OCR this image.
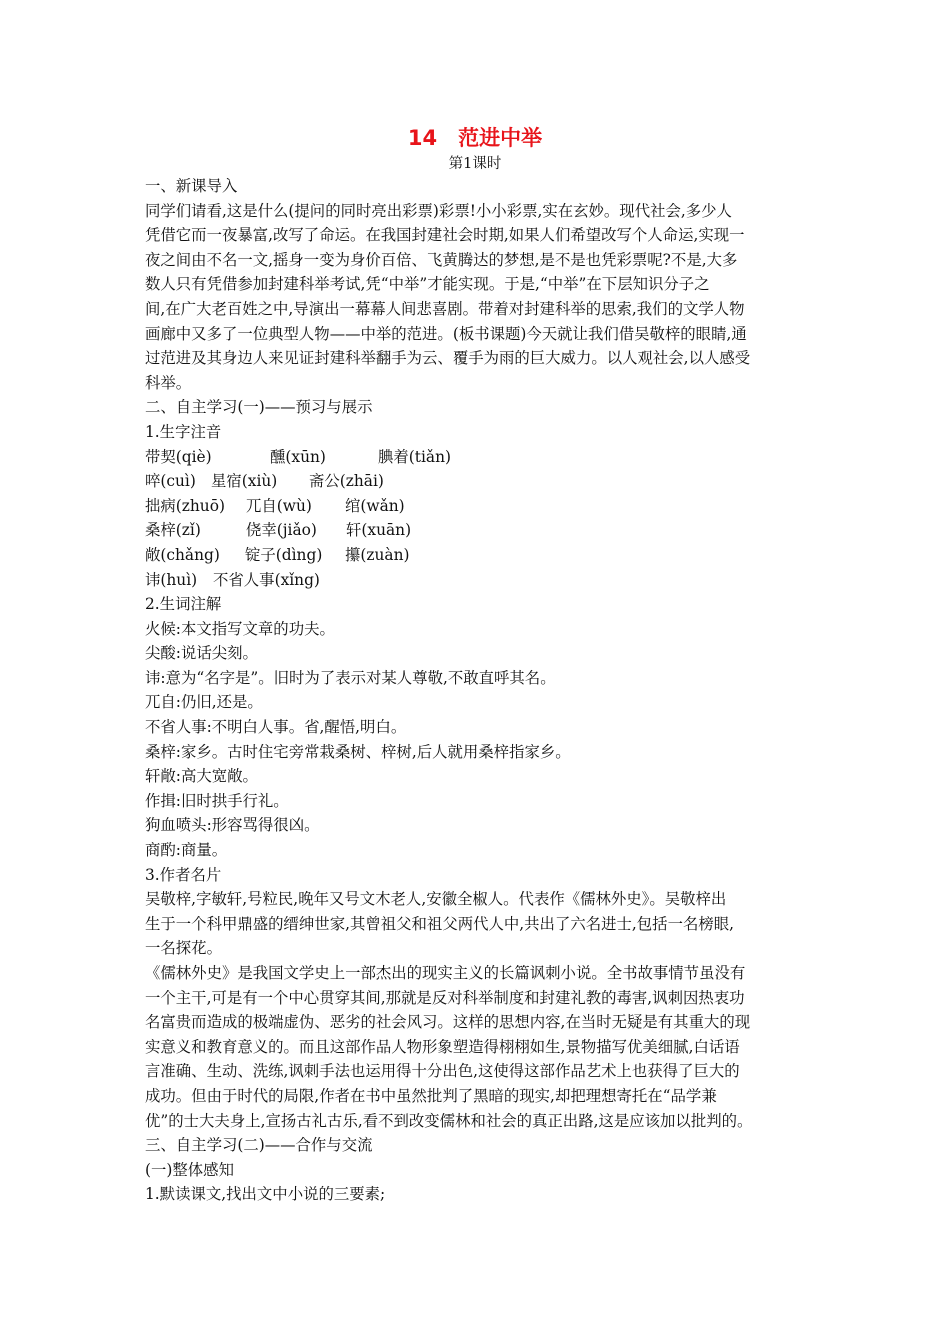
14　范进中举
第1课时
一、新课导入
同学们请看,这是什么(提问的同时亮出彩票)彩票!小小彩票,实在玄妙。现代社会,多少人
凭借它而一夜暴富,改写了命运。在我国封建社会时期,如果人们希望改写个人命运,实现一
夜之间由不名一文,摇身一变为身价百倍、飞黄腾达的梦想,是不是也凭彩票呢?不是,大多
数人只有凭借参加封建科举考试,凭“中举”才能实现。于是,“中举”在下层知识分子之
间,在广大老百姓之中,导演出一幕幕人间悲喜剧。带着对封建科举的思索,我们的文学人物
画廊中又多了一位典型人物——中举的范进。(板书课题)今天就让我们借吴敬梓的眼睛,通
过范进及其身边人来见证封建科举翻手为云、覆手为雨的巨大威力。以人观社会,以人感受
科举。
二、自主学习(一)——预习与展示
1.生字注音
带契(qiè)	醺(xūn)	腆着(tiǎn)
啐(cuì) 星宿(xiù)	斋公(zhāi)
拙病(zhuō)	兀自(wù)	绾(wǎn)
桑梓(zǐ)	侥幸(jiǎo)	轩(xuān)
敞(chǎng)	锭子(dìng)	攥(zuàn)
讳(huì)	不省人事(xǐng)
2.生词注解
火候:本文指写文章的功夫。
尖酸:说话尖刻。
讳:意为“名字是”。旧时为了表示对某人尊敬,不敢直呼其名。
兀自:仍旧,还是。
不省人事:不明白人事。省,醒悟,明白。
桑梓:家乡。古时住宅旁常栽桑树、梓树,后人就用桑梓指家乡。
轩敞:高大宽敞。
作揖:旧时拱手行礼。
狗血喷头:形容骂得很凶。
商酌:商量。
3.作者名片
吴敬梓,字敏轩,号粒民,晚年又号文木老人,安徽全椒人。代表作《儒林外史》。吴敬梓出
生于一个科甲鼎盛的缙绅世家,其曾祖父和祖父两代人中,共出了六名进士,包括一名榜眼,
一名探花。
《儒林外史》是我国文学史上一部杰出的现实主义的长篇讽刺小说。全书故事情节虽没有
一个主干,可是有一个中心贯穿其间,那就是反对科举制度和封建礼教的毒害,讽刺因热衷功
名富贵而造成的极端虚伪、恶劣的社会风习。这样的思想内容,在当时无疑是有其重大的现
实意义和教育意义的。而且这部作品人物形象塑造得栩栩如生,景物描写优美细腻,白话语
言准确、生动、洗练,讽刺手法也运用得十分出色,这使得这部作品艺术上也获得了巨大的
成功。但由于时代的局限,作者在书中虽然批判了黑暗的现实,却把理想寄托在“品学兼
优”的士大夫身上,宣扬古礼古乐,看不到改变儒林和社会的真正出路,这是应该加以批判的。
三、自主学习(二)——合作与交流
(一)整体感知
1.默读课文,找出文中小说的三要素;
